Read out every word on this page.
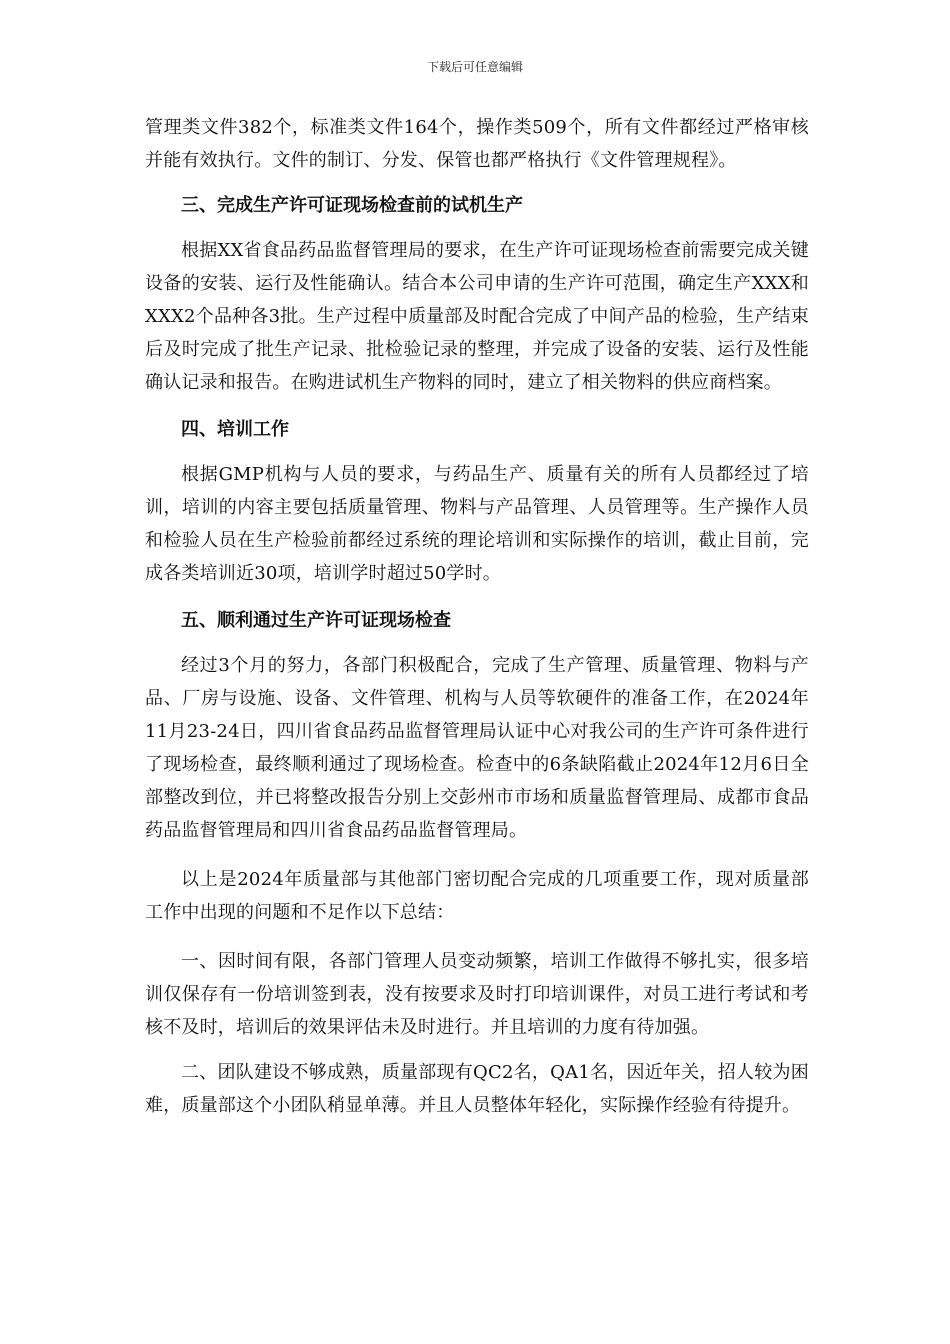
下载后可任意编辑

管理类文件382个，标准类文件164个，操作类509个，所有文件都经过严格审核并能有效执行。文件的制订、分发、保管也都严格执行《文件管理规程》。

三、完成生产许可证现场检查前的试机生产

根据XX省食品药品监督管理局的要求，在生产许可证现场检查前需要完成关键设备的安装、运行及性能确认。结合本公司申请的生产许可范围，确定生产XXX和XXX2个品种各3批。生产过程中质量部及时配合完成了中间产品的检验，生产结束后及时完成了批生产记录、批检验记录的整理，并完成了设备的安装、运行及性能确认记录和报告。在购进试机生产物料的同时，建立了相关物料的供应商档案。

四、培训工作

根据GMP机构与人员的要求，与药品生产、质量有关的所有人员都经过了培训，培训的内容主要包括质量管理、物料与产品管理、人员管理等。生产操作人员和检验人员在生产检验前都经过系统的理论培训和实际操作的培训，截止目前，完成各类培训近30项，培训学时超过50学时。

五、顺利通过生产许可证现场检查

经过3个月的努力，各部门积极配合，完成了生产管理、质量管理、物料与产品、厂房与设施、设备、文件管理、机构与人员等软硬件的准备工作，在2024年11月23-24日，四川省食品药品监督管理局认证中心对我公司的生产许可条件进行了现场检查，最终顺利通过了现场检查。检查中的6条缺陷截止2024年12月6日全部整改到位，并已将整改报告分别上交彭州市市场和质量监督管理局、成都市食品药品监督管理局和四川省食品药品监督管理局。

以上是2024年质量部与其他部门密切配合完成的几项重要工作，现对质量部工作中出现的问题和不足作以下总结：

一、因时间有限，各部门管理人员变动频繁，培训工作做得不够扎实，很多培训仅保存有一份培训签到表，没有按要求及时打印培训课件，对员工进行考试和考核不及时，培训后的效果评估未及时进行。并且培训的力度有待加强。

二、团队建设不够成熟，质量部现有QC2名，QA1名，因近年关，招人较为困难，质量部这个小团队稍显单薄。并且人员整体年轻化，实际操作经验有待提升。
